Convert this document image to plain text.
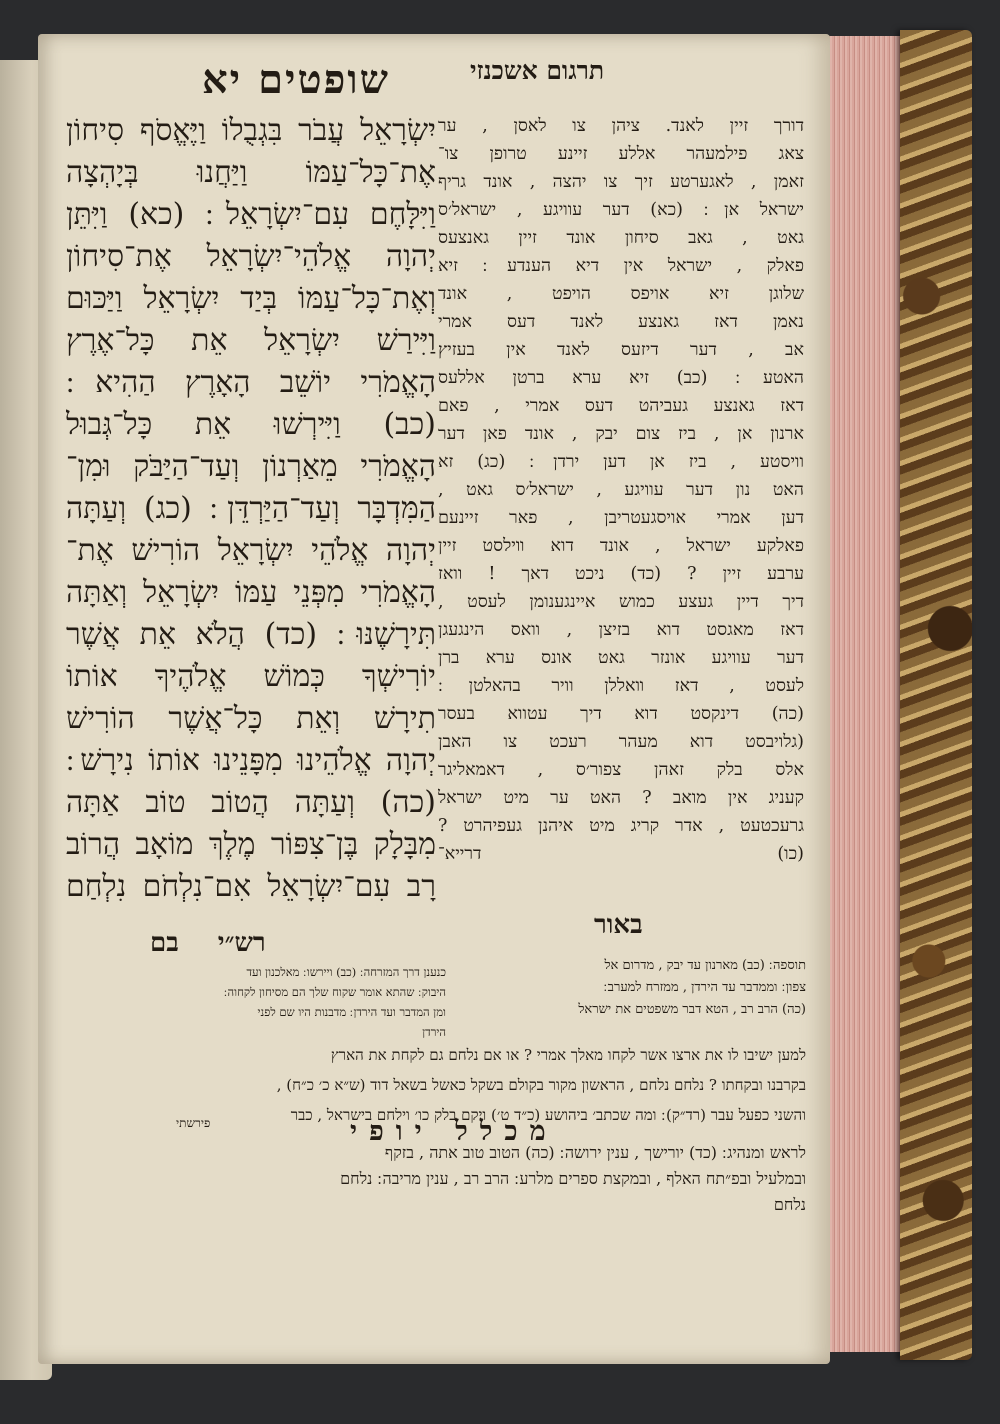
שופטים יא	תרגום אשכנזי
יִשְׂרָאֵל עֲבֹר בִּגְבֻלוֹ וַיֶּאֱסֹף סִיחוֹן
אֶת־כָּל־עַמּוֹ וַיַּחֲנוּ בְּיָהְצָה
וַיִּלָּחֶם עִם־יִשְׂרָאֵל ׃ (כא) וַיִּתֵּן
יְהוָה אֱלֹהֵי־יִשְׂרָאֵל אֶת־סִיחוֹן
וְאֶת־כָּל־עַמּוֹ בְּיַד יִשְׂרָאֵל וַיַּכּוּם
וַיִּירַשׁ יִשְׂרָאֵל אֵת כָּל־אֶרֶץ
הָאֱמֹרִי יוֹשֵׁב הָאָרֶץ הַהִיא ׃
(כב) וַיִּירְשׁוּ אֵת כָּל־גְּבוּל
הָאֱמֹרִי מֵאַרְנוֹן וְעַד־הַיַּבֹּק וּמִן־
הַמִּדְבָּר וְעַד־הַיַּרְדֵּן ׃ (כג) וְעַתָּה
יְהוָה אֱלֹהֵי יִשְׂרָאֵל הוֹרִישׁ אֶת־
הָאֱמֹרִי מִפְּנֵי עַמּוֹ יִשְׂרָאֵל וְאַתָּה
תִּירָשֶׁנּוּ ׃ (כד) הֲלֹא אֵת אֲשֶׁר
יוֹרִישְׁךָ כְּמוֹשׁ אֱלֹהֶיךָ אוֹתוֹ
תִירָשׁ וְאֵת כָּל־אֲשֶׁר הוֹרִישׁ
יְהוָה אֱלֹהֵינוּ מִפָּנֵינוּ אוֹתוֹ נִירָשׁ ׃
(כה) וְעַתָּה הֲטוֹב טוֹב אַתָּה
מִבָּלָק בֶּן־צִפּוֹר מֶלֶךְ מוֹאָב הֲרוֹב
רָב עִם־יִשְׂרָאֵל אִם־נִלְחֹם נִלְחַם
דורך זיין לאנד. ציהן צו לאסן , ער
צאג פילמעהר אללע זיינע טרופן צו־
זאמן , לאגערטע זיך צו יהצה , אונד גריף
ישראל אן ׃ (כא) דער עוויגע , ישראל׳ס
גאט , גאב סיחון אונד זיין גאנצעס
פאלק , ישראל אין דיא הענדע ׃ זיא
שלוגן זיא אויפס הויפט , אונד
נאמן דאז גאנצע לאנד דעס אמרי
אב , דער דיזעס לאנד אין בעזיץ
האטע ׃ (כב) זיא ערא ברטן אללעס
דאז גאנצע געביהט דעס אמרי , פאם
ארנון אן , ביז צום יבק , אונד פאן דער
וויסטע , ביז אן דען ירדן ׃ (כג) זא
האט נון דער עוויגע , ישראל׳ס גאט ,
דען אמרי אויסגעטריבן , פאר זיינעם
פאלקע ישראל , אונד דוא װילסט זיין
ערבע זיין ? (כד) ניכט דאך ! וואז
דיך דיין געצע כמוש איינגענומן לעסט ,
דאז מאגסט דוא בזיצן , וואס הינגעגן
דער עוויגע אונזר גאט אונס ערא ברן
לעסט , דאז װאללן וויר בהאלטן ׃
(כה) דינקסט דוא דיך עטווא בעסר
(גלויבסט דוא מעהר רעכט צו האבן
אלס בלק זאהן צפור׳ס , דאמאליגר
קעניג אין מואב ? האט ער מיט ישראל
גרעכטעט , אדר קריג מיט איהנן געפיהרט ?
(כו) דרייא־
רש״י בם
באור
כנענן דרך המזרחה ׃ (כב) ויירשו ׃ מאלכנון ועד
היבוק ׃ שהתא אומר שקוח שלך הם מסיחון לקחוה ׃
ומן המדבר ועד הירדן ׃ מדבנות היו שם לפני
הירדן
תוספה ׃ (כב) מארנון עד יבק , מדרום אל
צפון ׃ וממדבר עד הירדן , ממזרח למערב ׃
(כה) הרב רב , הטא דבר משפטים את ישראל
למען ישיבו לו את ארצו אשר לקחו מאלך אמרי ? או אם נלחם גם לקחת את הארץ
בקרבנו ובקחתו ? נלחם נלחם , הראשון מקור בקולם בשקל כאשל בשאל דוד (ש״א כ׳ כ״ח) ,
והשני כפעל עבר (רד״ק) ׃ ומה שכתב׳ ביהושע (כ״ד ט׳) ויקם בלק כו׳ וילחם בישראל , כבר
מכלל יופי
פירשתי
לראש ומנהיג ׃ (כד) יורישך , ענין ירושה ׃ (כה) הטוב טוב אתה , בזקף
ובמלעיל ובפ״תח האלף , ובמקצת ספרים מלרע ׃ הרב רב , ענין מריבה ׃ נלחם
נלחם
